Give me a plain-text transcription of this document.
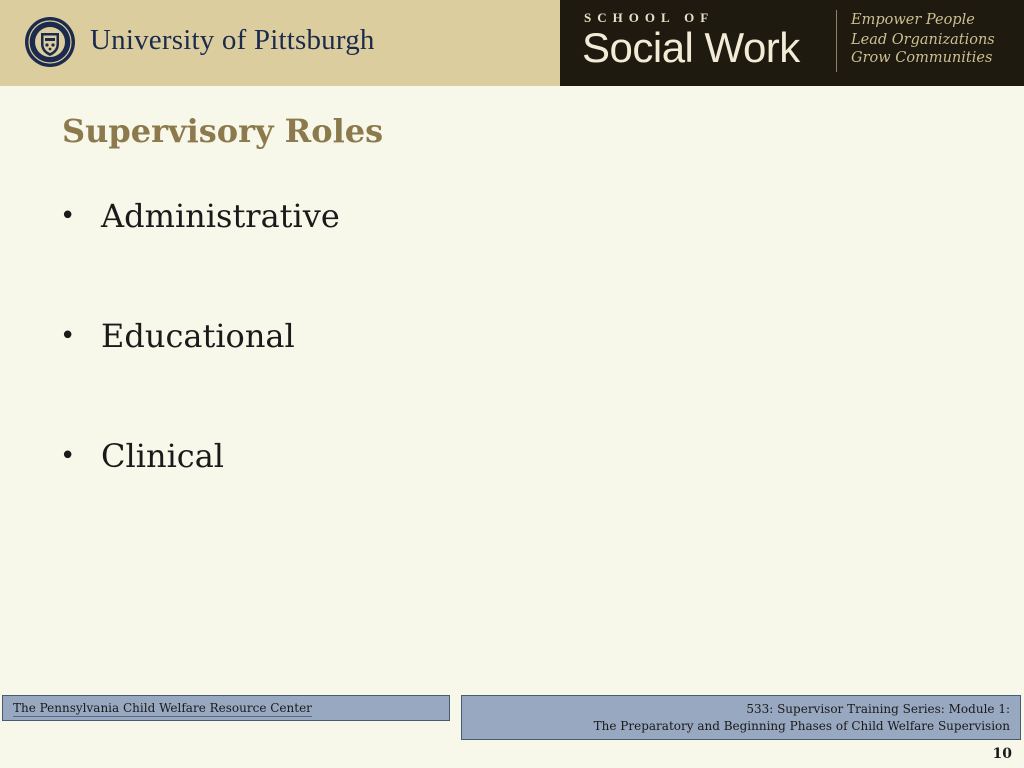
University of Pittsburgh
SCHOOL OF
Social Work
Empower People
Lead Organizations
Grow Communities
Supervisory Roles
• Administrative
• Educational
• Clinical
The Pennsylvania Child Welfare Resource Center	533: Supervisor Training Series: Module 1:
The Preparatory and Beginning Phases of Child Welfare Supervision
10
